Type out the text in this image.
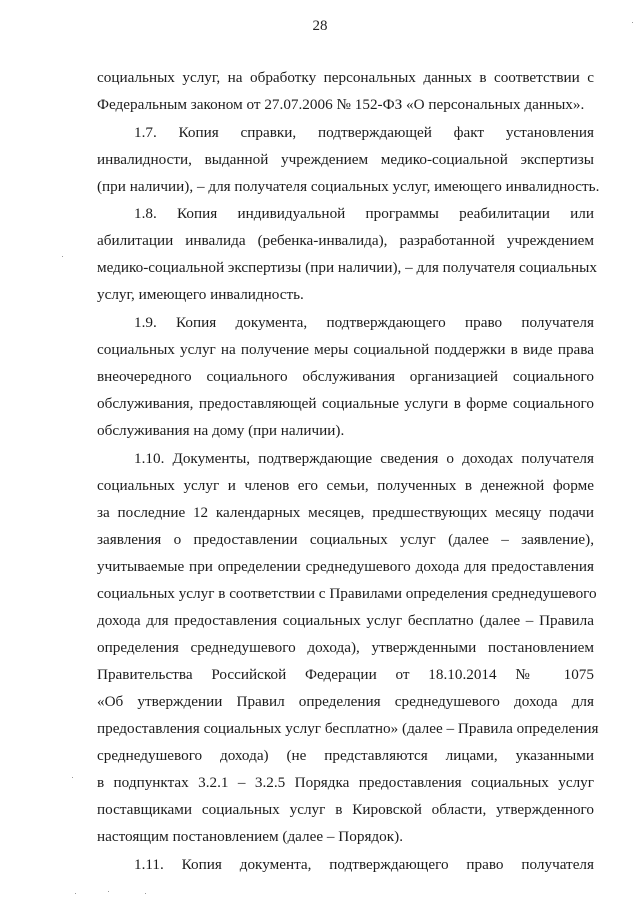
28
социальных услуг, на обработку персональных данных в соответствии с
Федеральным законом от 27.07.2006 № 152-ФЗ «О персональных данных».
1.7. Копия справки, подтверждающей факт установления
инвалидности, выданной учреждением медико-социальной экспертизы
(при наличии), – для получателя социальных услуг, имеющего инвалидность.
1.8. Копия индивидуальной программы реабилитации или
абилитации инвалида (ребенка-инвалида), разработанной учреждением
медико-социальной экспертизы (при наличии), – для получателя социальных
услуг, имеющего инвалидность.
1.9. Копия документа, подтверждающего право получателя
социальных услуг на получение меры социальной поддержки в виде права
внеочередного социального обслуживания организацией социального
обслуживания, предоставляющей социальные услуги в форме социального
обслуживания на дому (при наличии).
1.10. Документы, подтверждающие сведения о доходах получателя
социальных услуг и членов его семьи, полученных в денежной форме
за последние 12 календарных месяцев, предшествующих месяцу подачи
заявления о предоставлении социальных услуг (далее – заявление),
учитываемые при определении среднедушевого дохода для предоставления
социальных услуг в соответствии с Правилами определения среднедушевого
дохода для предоставления социальных услуг бесплатно (далее – Правила
определения среднедушевого дохода), утвержденными постановлением
Правительства Российской Федерации от 18.10.2014 № 1075
«Об утверждении Правил определения среднедушевого дохода для
предоставления социальных услуг бесплатно» (далее – Правила определения
среднедушевого дохода) (не представляются лицами, указанными
в подпунктах 3.2.1 – 3.2.5 Порядка предоставления социальных услуг
поставщиками социальных услуг в Кировской области, утвержденного
настоящим постановлением (далее – Порядок).
1.11. Копия документа, подтверждающего право получателя
